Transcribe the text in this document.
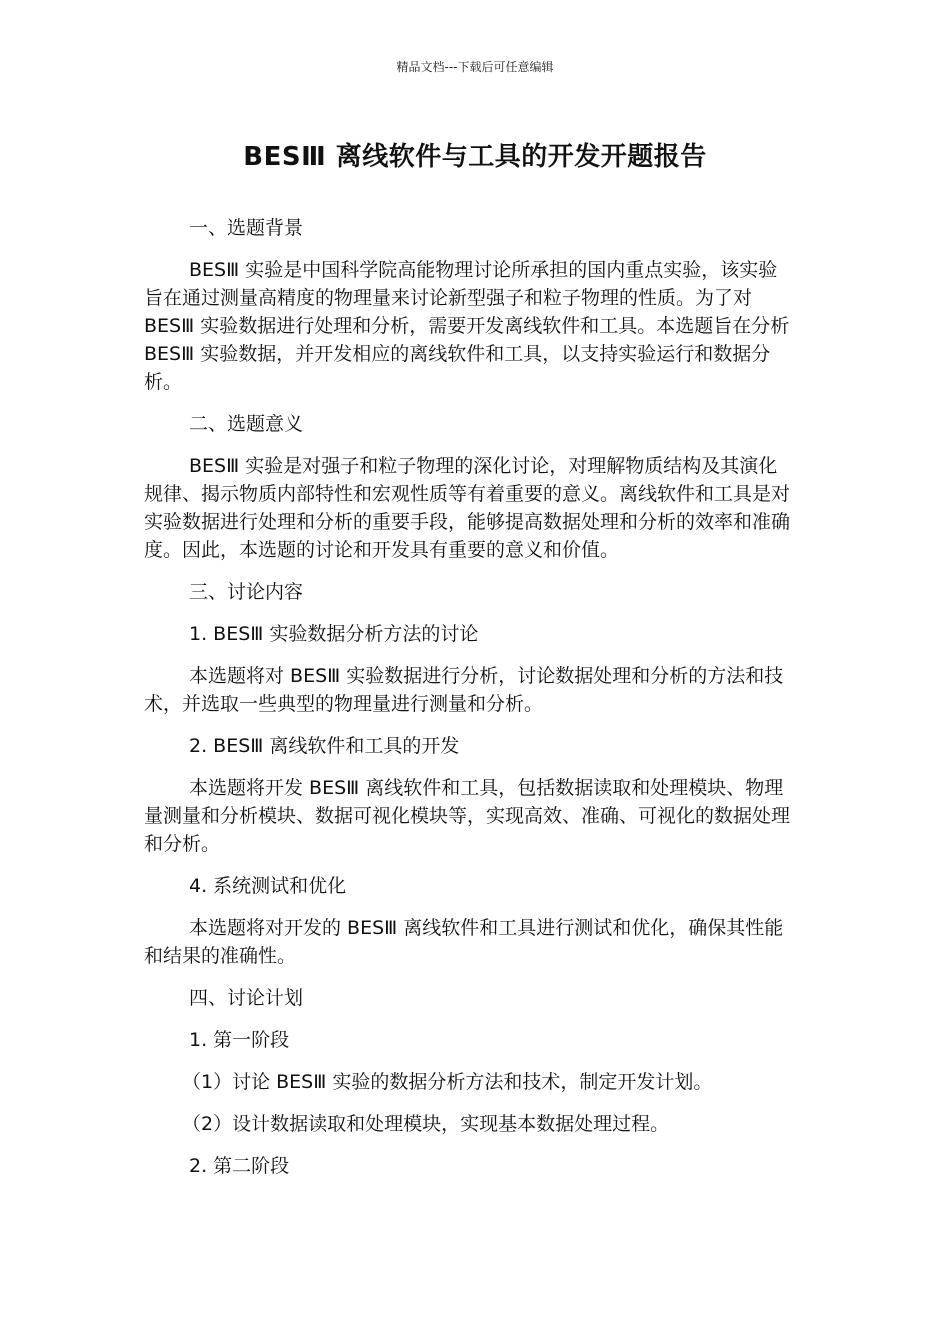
精品文档---下载后可任意编辑
BESⅢ 离线软件与工具的开发开题报告

一、选题背景

BESⅢ 实验是中国科学院高能物理讨论所承担的国内重点实验，该实验旨在通过测量高精度的物理量来讨论新型强子和粒子物理的性质。为了对 BESⅢ 实验数据进行处理和分析，需要开发离线软件和工具。本选题旨在分析 BESⅢ 实验数据，并开发相应的离线软件和工具，以支持实验运行和数据分析。

二、选题意义

BESⅢ 实验是对强子和粒子物理的深化讨论，对理解物质结构及其演化规律、揭示物质内部特性和宏观性质等有着重要的意义。离线软件和工具是对实验数据进行处理和分析的重要手段，能够提高数据处理和分析的效率和准确度。因此，本选题的讨论和开发具有重要的意义和价值。

三、讨论内容

1. BESⅢ 实验数据分析方法的讨论

本选题将对 BESⅢ 实验数据进行分析，讨论数据处理和分析的方法和技术，并选取一些典型的物理量进行测量和分析。

2. BESⅢ 离线软件和工具的开发

本选题将开发 BESⅢ 离线软件和工具，包括数据读取和处理模块、物理量测量和分析模块、数据可视化模块等，实现高效、准确、可视化的数据处理和分析。

4. 系统测试和优化

本选题将对开发的 BESⅢ 离线软件和工具进行测试和优化，确保其性能和结果的准确性。

四、讨论计划

1. 第一阶段

（1）讨论 BESⅢ 实验的数据分析方法和技术，制定开发计划。

（2）设计数据读取和处理模块，实现基本数据处理过程。

2. 第二阶段
